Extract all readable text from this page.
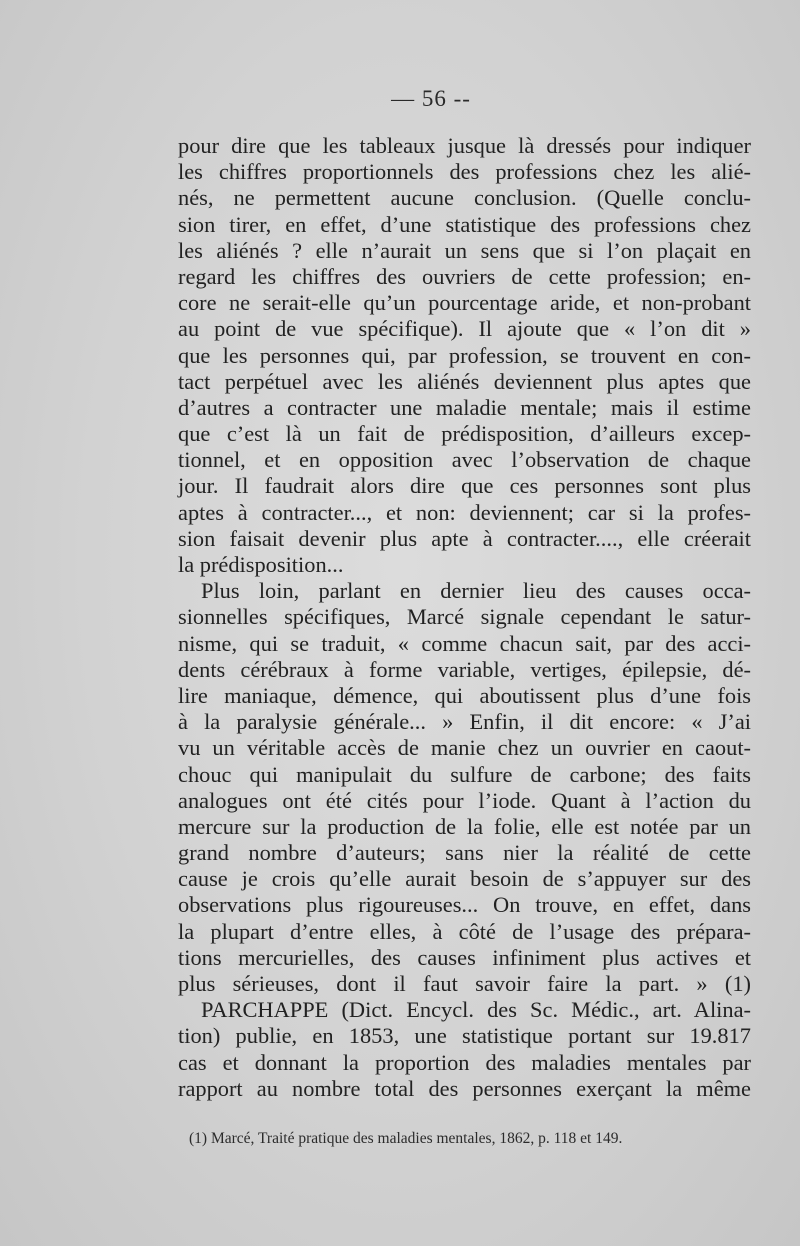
— 56 --
pour dire que les tableaux jusque là dressés pour indiquer
les chiffres proportionnels des professions chez les alié-
nés, ne permettent aucune conclusion. (Quelle conclu-
sion tirer, en effet, d’une statistique des professions chez
les aliénés ? elle n’aurait un sens que si l’on plaçait en
regard les chiffres des ouvriers de cette profession; en-
core ne serait-elle qu’un pourcentage aride, et non-probant
au point de vue spécifique). Il ajoute que « l’on dit »
que les personnes qui, par profession, se trouvent en con-
tact perpétuel avec les aliénés deviennent plus aptes que
d’autres a contracter une maladie mentale; mais il estime
que c’est là un fait de prédisposition, d’ailleurs excep-
tionnel, et en opposition avec l’observation de chaque
jour. Il faudrait alors dire que ces personnes sont plus
aptes à contracter..., et non: deviennent; car si la profes-
sion faisait devenir plus apte à contracter...., elle créerait
la prédisposition...
Plus loin, parlant en dernier lieu des causes occa-
sionnelles spécifiques, Marcé signale cependant le satur-
nisme, qui se traduit, « comme chacun sait, par des acci-
dents cérébraux à forme variable, vertiges, épilepsie, dé-
lire maniaque, démence, qui aboutissent plus d’une fois
à la paralysie générale... » Enfin, il dit encore: « J’ai
vu un véritable accès de manie chez un ouvrier en caout-
chouc qui manipulait du sulfure de carbone; des faits
analogues ont été cités pour l’iode. Quant à l’action du
mercure sur la production de la folie, elle est notée par un
grand nombre d’auteurs; sans nier la réalité de cette
cause je crois qu’elle aurait besoin de s’appuyer sur des
observations plus rigoureuses... On trouve, en effet, dans
la plupart d’entre elles, à côté de l’usage des prépara-
tions mercurielles, des causes infiniment plus actives et
plus sérieuses, dont il faut savoir faire la part. » (1)
PARCHAPPE (Dict. Encycl. des Sc. Médic., art. Alina-
tion) publie, en 1853, une statistique portant sur 19.817
cas et donnant la proportion des maladies mentales par
rapport au nombre total des personnes exerçant la même
(1) Marcé, Traité pratique des maladies mentales, 1862, p. 118 et 149.
